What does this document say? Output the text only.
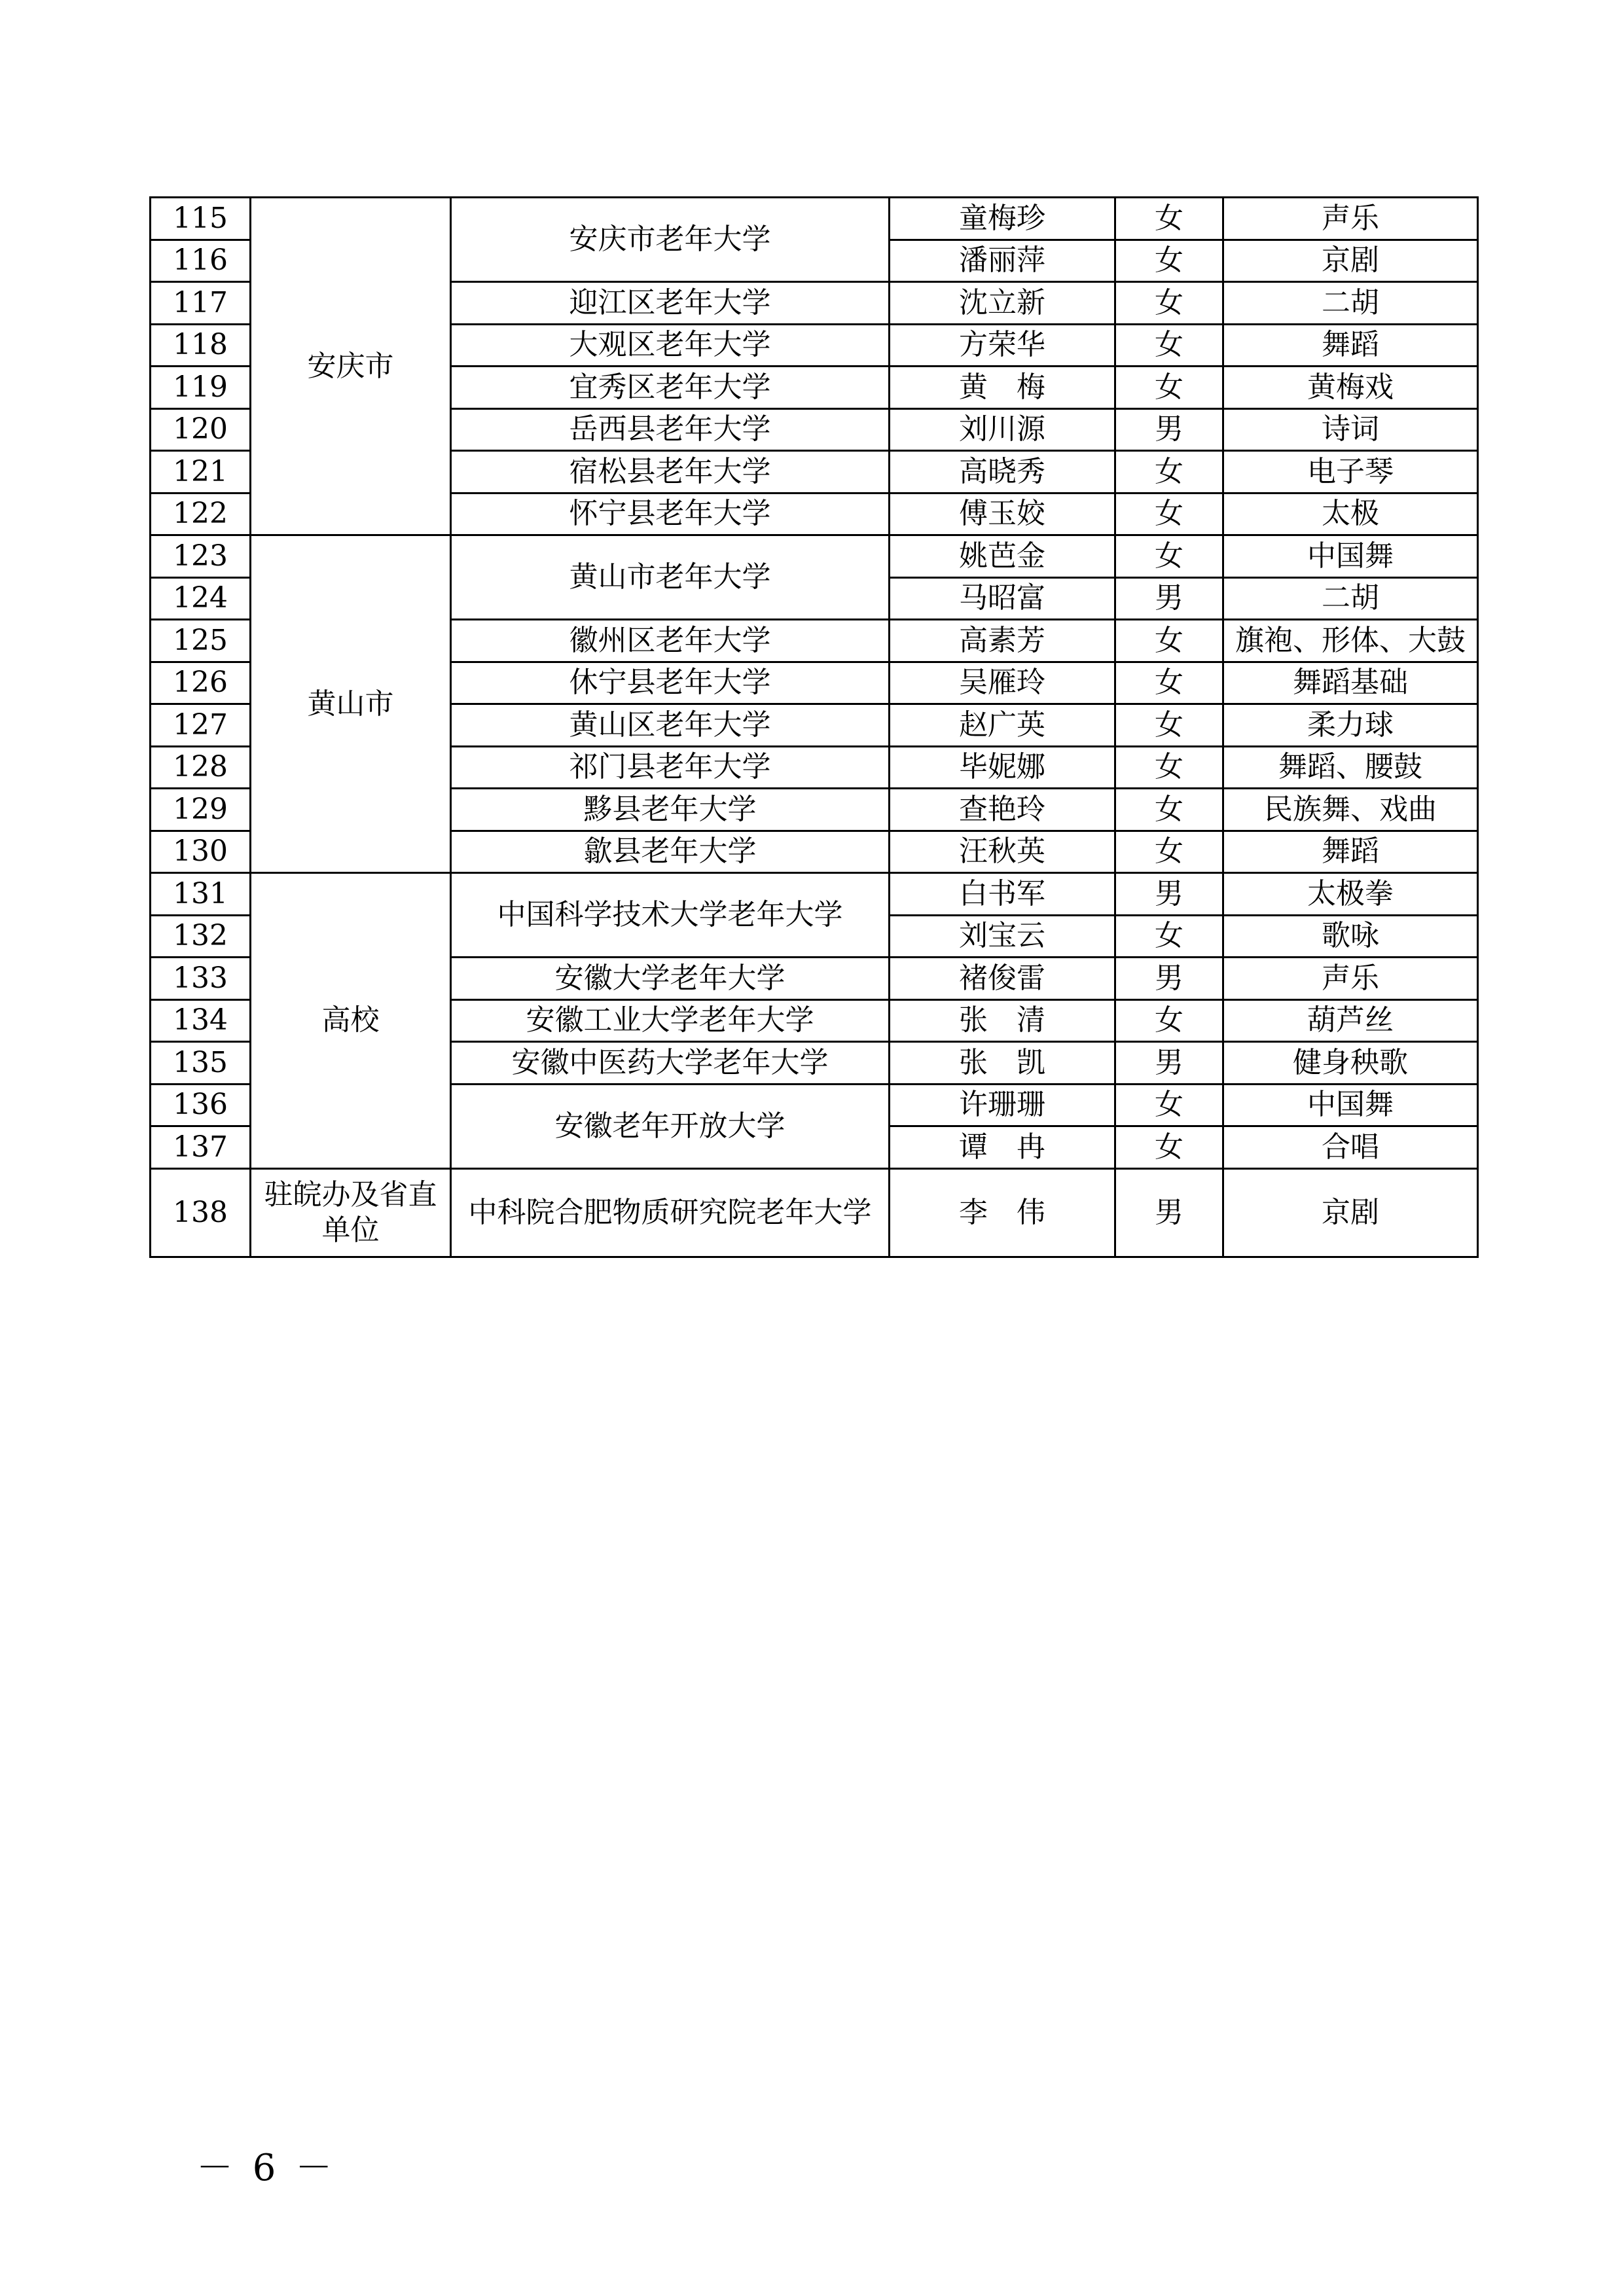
115	安庆市	安庆市老年大学	童梅珍	女	声乐
116			潘丽萍	女	京剧
117		迎江区老年大学	沈立新	女	二胡
118		大观区老年大学	方荣华	女	舞蹈
119		宜秀区老年大学	黄　梅	女	黄梅戏
120		岳西县老年大学	刘川源	男	诗词
121		宿松县老年大学	高晓秀	女	电子琴
122		怀宁县老年大学	傅玉姣	女	太极
123	黄山市	黄山市老年大学	姚芭金	女	中国舞
124			马昭富	男	二胡
125		徽州区老年大学	高素芳	女	旗袍、形体、大鼓
126		休宁县老年大学	吴雁玲	女	舞蹈基础
127		黄山区老年大学	赵广英	女	柔力球
128		祁门县老年大学	毕妮娜	女	舞蹈、腰鼓
129		黟县老年大学	查艳玲	女	民族舞、戏曲
130		歙县老年大学	汪秋英	女	舞蹈
131	高校	中国科学技术大学老年大学	白书军	男	太极拳
132			刘宝云	女	歌咏
133		安徽大学老年大学	褚俊雷	男	声乐
134		安徽工业大学老年大学	张　清	女	葫芦丝
135		安徽中医药大学老年大学	张　凯	男	健身秧歌
136		安徽老年开放大学	许珊珊	女	中国舞
137			谭　冉	女	合唱
138	驻皖办及省直单位	中科院合肥物质研究院老年大学	李　伟	男	京剧
－ 6 －
